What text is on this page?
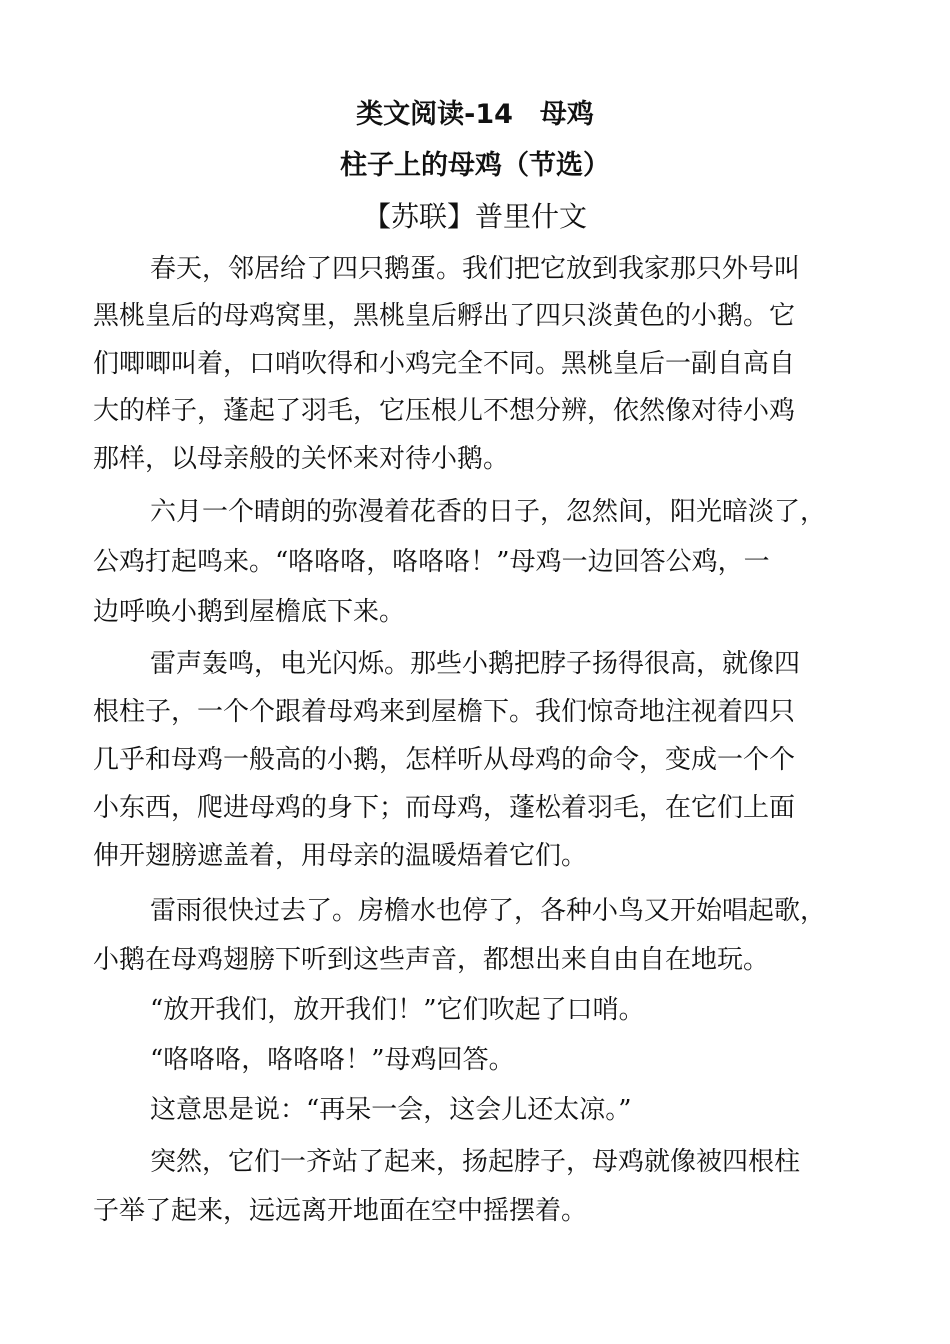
类文阅读-14　母鸡
柱子上的母鸡（节选）
【苏联】普里什文
春天，邻居给了四只鹅蛋。我们把它放到我家那只外号叫
黑桃皇后的母鸡窝里，黑桃皇后孵出了四只淡黄色的小鹅。它
们唧唧叫着，口哨吹得和小鸡完全不同。黑桃皇后一副自高自
大的样子，蓬起了羽毛，它压根儿不想分辨，依然像对待小鸡
那样，以母亲般的关怀来对待小鹅。
六月一个晴朗的弥漫着花香的日子，忽然间，阳光暗淡了，
公鸡打起鸣来。“咯咯咯，咯咯咯！”母鸡一边回答公鸡，一
边呼唤小鹅到屋檐底下来。
雷声轰鸣，电光闪烁。那些小鹅把脖子扬得很高，就像四
根柱子，一个个跟着母鸡来到屋檐下。我们惊奇地注视着四只
几乎和母鸡一般高的小鹅，怎样听从母鸡的命令，变成一个个
小东西，爬进母鸡的身下；而母鸡，蓬松着羽毛，在它们上面
伸开翅膀遮盖着，用母亲的温暖焐着它们。
雷雨很快过去了。房檐水也停了，各种小鸟又开始唱起歌，
小鹅在母鸡翅膀下听到这些声音，都想出来自由自在地玩。
“放开我们，放开我们！”它们吹起了口哨。
“咯咯咯，咯咯咯！”母鸡回答。
这意思是说：“再呆一会，这会儿还太凉。”
突然，它们一齐站了起来，扬起脖子，母鸡就像被四根柱
子举了起来，远远离开地面在空中摇摆着。
